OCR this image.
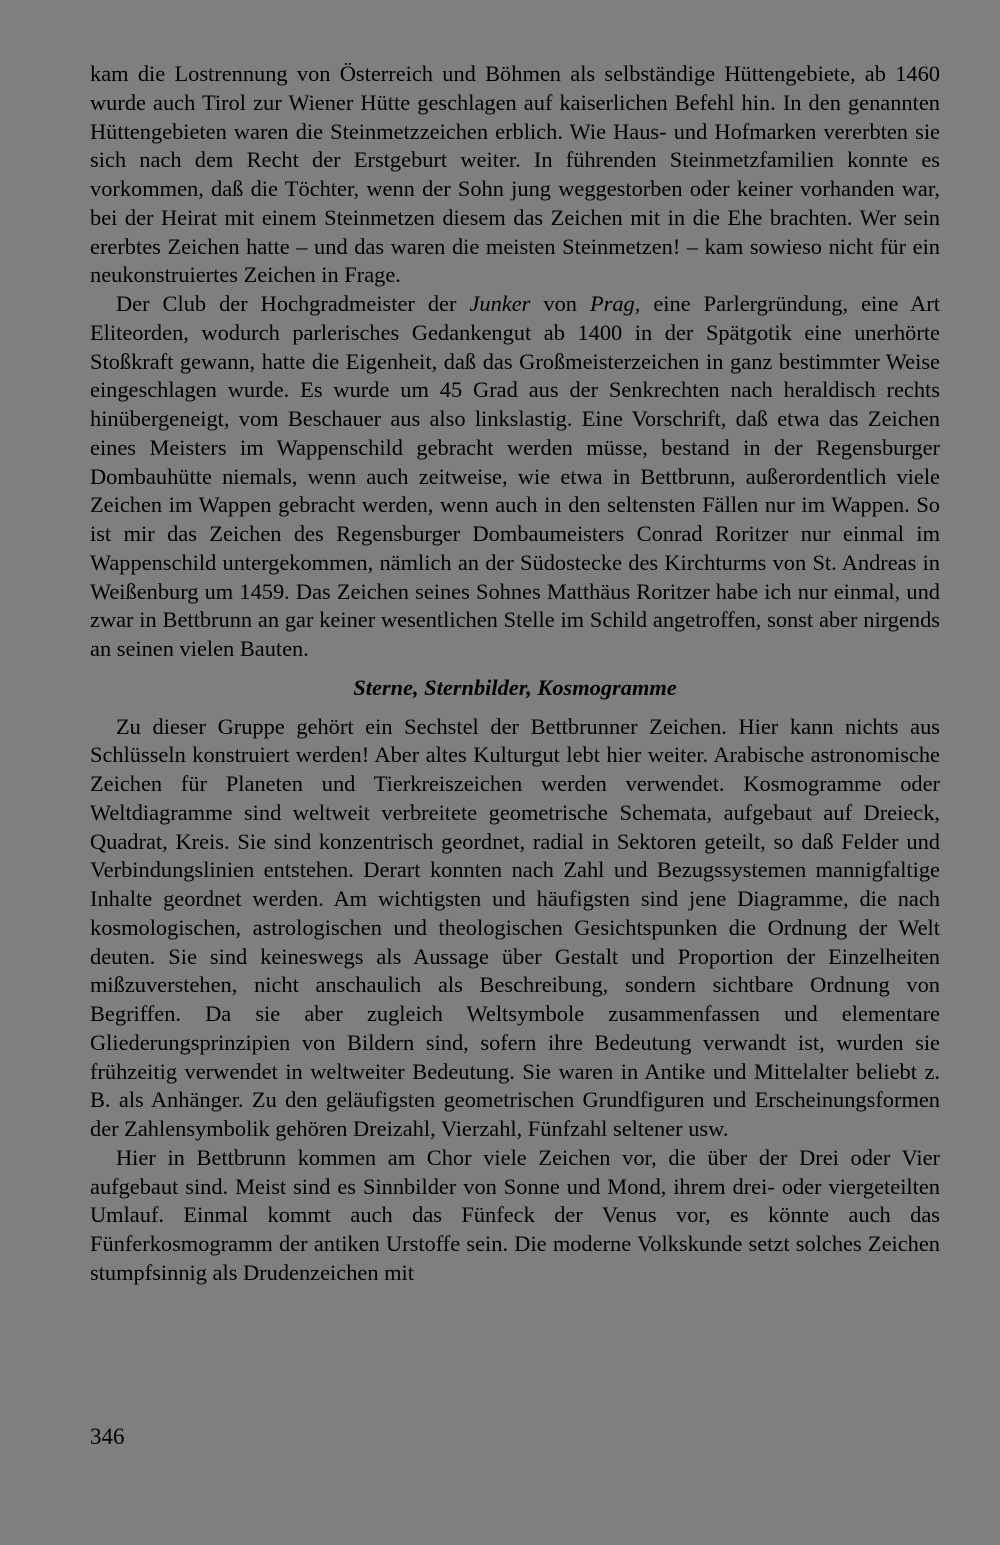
kam die Lostrennung von Österreich und Böhmen als selbständige Hüttengebiete, ab 1460 wurde auch Tirol zur Wiener Hütte geschlagen auf kaiserlichen Befehl hin. In den genannten Hüttengebieten waren die Steinmetzzeichen erblich. Wie Haus- und Hofmarken vererbten sie sich nach dem Recht der Erstgeburt weiter. In führenden Steinmetzfamilien konnte es vorkommen, daß die Töchter, wenn der Sohn jung weggestorben oder keiner vorhanden war, bei der Heirat mit einem Steinmetzen diesem das Zeichen mit in die Ehe brachten. Wer sein ererbtes Zeichen hatte – und das waren die meisten Steinmetzen! – kam sowieso nicht für ein neukonstruiertes Zeichen in Frage.

Der Club der Hochgradmeister der Junker von Prag, eine Parlergründung, eine Art Eliteorden, wodurch parlerisches Gedankengut ab 1400 in der Spätgotik eine unerhörte Stoßkraft gewann, hatte die Eigenheit, daß das Großmeisterzeichen in ganz bestimmter Weise eingeschlagen wurde. Es wurde um 45 Grad aus der Senkrechten nach heraldisch rechts hinübergeneigt, vom Beschauer aus also linkslastig. Eine Vorschrift, daß etwa das Zeichen eines Meisters im Wappenschild gebracht werden müsse, bestand in der Regensburger Dombauhütte niemals, wenn auch zeitweise, wie etwa in Bettbrunn, außerordentlich viele Zeichen im Wappen gebracht werden, wenn auch in den seltensten Fällen nur im Wappen. So ist mir das Zeichen des Regensburger Dombaumeisters Conrad Roritzer nur einmal im Wappenschild untergekommen, nämlich an der Südostecke des Kirchturms von St. Andreas in Weißenburg um 1459. Das Zeichen seines Sohnes Matthäus Roritzer habe ich nur einmal, und zwar in Bettbrunn an gar keiner wesentlichen Stelle im Schild angetroffen, sonst aber nirgends an seinen vielen Bauten.

Sterne, Sternbilder, Kosmogramme

Zu dieser Gruppe gehört ein Sechstel der Bettbrunner Zeichen. Hier kann nichts aus Schlüsseln konstruiert werden! Aber altes Kulturgut lebt hier weiter. Arabische astronomische Zeichen für Planeten und Tierkreiszeichen werden verwendet. Kosmogramme oder Weltdiagramme sind weltweit verbreitete geometrische Schemata, aufgebaut auf Dreieck, Quadrat, Kreis. Sie sind konzentrisch geordnet, radial in Sektoren geteilt, so daß Felder und Verbindungslinien entstehen. Derart konnten nach Zahl und Bezugssystemen mannigfaltige Inhalte geordnet werden. Am wichtigsten und häufigsten sind jene Diagramme, die nach kosmologischen, astrologischen und theologischen Gesichtspunken die Ordnung der Welt deuten. Sie sind keineswegs als Aussage über Gestalt und Proportion der Einzelheiten mißzuverstehen, nicht anschaulich als Beschreibung, sondern sichtbare Ordnung von Begriffen. Da sie aber zugleich Weltsymbole zusammenfassen und elementare Gliederungsprinzipien von Bildern sind, sofern ihre Bedeutung verwandt ist, wurden sie frühzeitig verwendet in weltweiter Bedeutung. Sie waren in Antike und Mittelalter beliebt z. B. als Anhänger. Zu den geläufigsten geometrischen Grundfiguren und Erscheinungsformen der Zahlensymbolik gehören Dreizahl, Vierzahl, Fünfzahl seltener usw.

Hier in Bettbrunn kommen am Chor viele Zeichen vor, die über der Drei oder Vier aufgebaut sind. Meist sind es Sinnbilder von Sonne und Mond, ihrem drei- oder viergeteilten Umlauf. Einmal kommt auch das Fünfeck der Venus vor, es könnte auch das Fünferkosmogramm der antiken Urstoffe sein. Die moderne Volkskunde setzt solches Zeichen stumpfsinnig als Drudenzeichen mit

346
